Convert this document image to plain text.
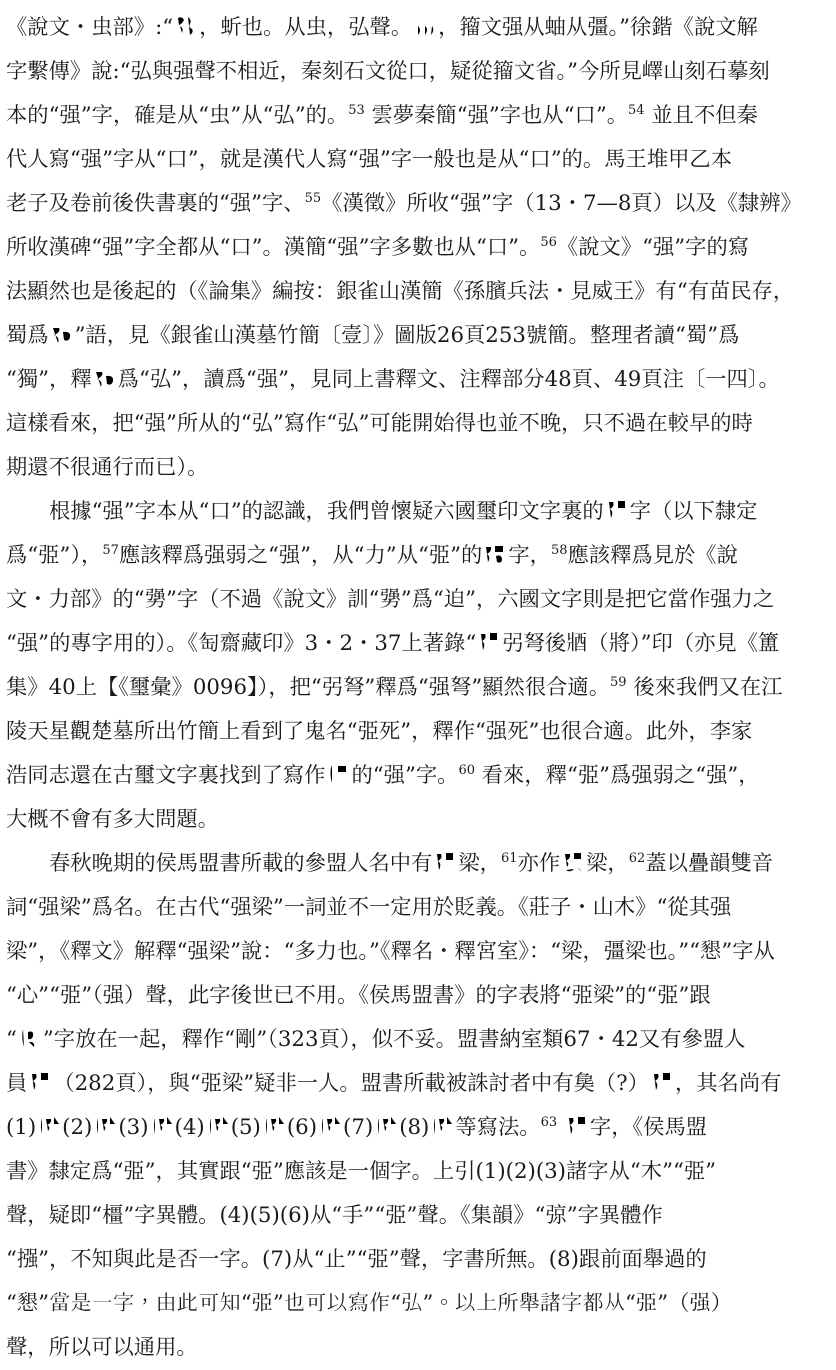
《說文・虫部》:“ ，蚚也。从虫，弘聲。 ，籀文强从蚰从彊。”徐鍇《說文解
字繫傳》說:“弘與强聲不相近，秦刻石文從口，疑從籀文省。”今所見嶧山刻石摹刻
本的“强”字，確是从“虫”从“弘”的。$^{53}$ 雲夢秦簡“强”字也从“口”。$^{54}$ 並且不但秦
代人寫“强”字从“口”，就是漢代人寫“强”字一般也是从“口”的。馬王堆甲乙本
老子及卷前後佚書裏的“强”字、$^{55}$《漢徵》所收“强”字（13・7—8頁）以及《隸辨》
所收漢碑“强”字全都从“口”。漢簡“强”字多數也从“口”。$^{56}$《說文》“强”字的寫
法顯然也是後起的（《論集》編按：銀雀山漢簡《孫臏兵法・見威王》有“有苗民存，
蜀爲 ”語，見《銀雀山漢墓竹簡〔壹〕》圖版26頁253號簡。整理者讀“蜀”爲
“獨”，釋 爲“弘”，讀爲“强”，見同上書釋文、注釋部分48頁、49頁注〔一四〕。
這樣看來，把“强”所从的“弘”寫作“弘”可能開始得也並不晚，只不過在較早的時
期還不很通行而已）。
根據“强”字本从“口”的認識，我們曾懷疑六國璽印文字裏的 字（以下隸定
爲“弫”），$^{57}$應該釋爲强弱之“强”，从“力”从“弫”的 字，$^{58}$應該釋爲見於《說
文・力部》的“勥”字（不過《說文》訓“勥”爲“迫”，六國文字則是把它當作强力之
“强”的專字用的）。《匋齋藏印》3・2・37上著錄“ 弜弩後𨟻（將）”印（亦見《簠
集》40上【《璽彙》0096】），把“弜弩”釋爲“强弩”顯然很合適。$^{59}$ 後來我們又在江
陵天星觀楚墓所出竹簡上看到了鬼名“弫死”，釋作“强死”也很合適。此外，李家
浩同志還在古璽文字裏找到了寫作 的“强”字。$^{60}$ 看來，釋“弫”爲强弱之“强”，
大概不會有多大問題。
春秋晚期的侯馬盟書所載的參盟人名中有 梁，$^{61}$亦作 梁，$^{62}$蓋以疊韻雙音
詞“强梁”爲名。在古代“强梁”一詞並不一定用於貶義。《莊子・山木》“從其强
梁”，《釋文》解釋“强梁”說：“多力也。”《釋名・釋宮室》：“梁，彊梁也。”“𢡆”字从
“心”“弫”（强）聲，此字後世已不用。《侯馬盟書》的字表將“弫梁”的“弫”跟
“ ”字放在一起，釋作“剛”（323頁），似不妥。盟書納室類67・42又有參盟人
員 （282頁），與“弫梁”疑非一人。盟書所載被誅討者中有㚟（?） ，其名尚有
(1) (2) (3) (4) (5) (6) (7) (8) 等寫法。$^{63}$ 字，《侯馬盟
書》隸定爲“弫”，其實跟“弫”應該是一個字。上引(1)(2)(3)諸字从“木”“弫”
聲，疑即“橿”字異體。(4)(5)(6)从“手”“弫”聲。《集韻》“弶”字異體作
“摾”，不知與此是否一字。(7)从“止”“弫”聲，字書所無。(8)跟前面舉過的
“𢡆”當是一字，由此可知“弫”也可以寫作“弘”。以上所舉諸字都从“弫”（强）
聲，所以可以通用。
